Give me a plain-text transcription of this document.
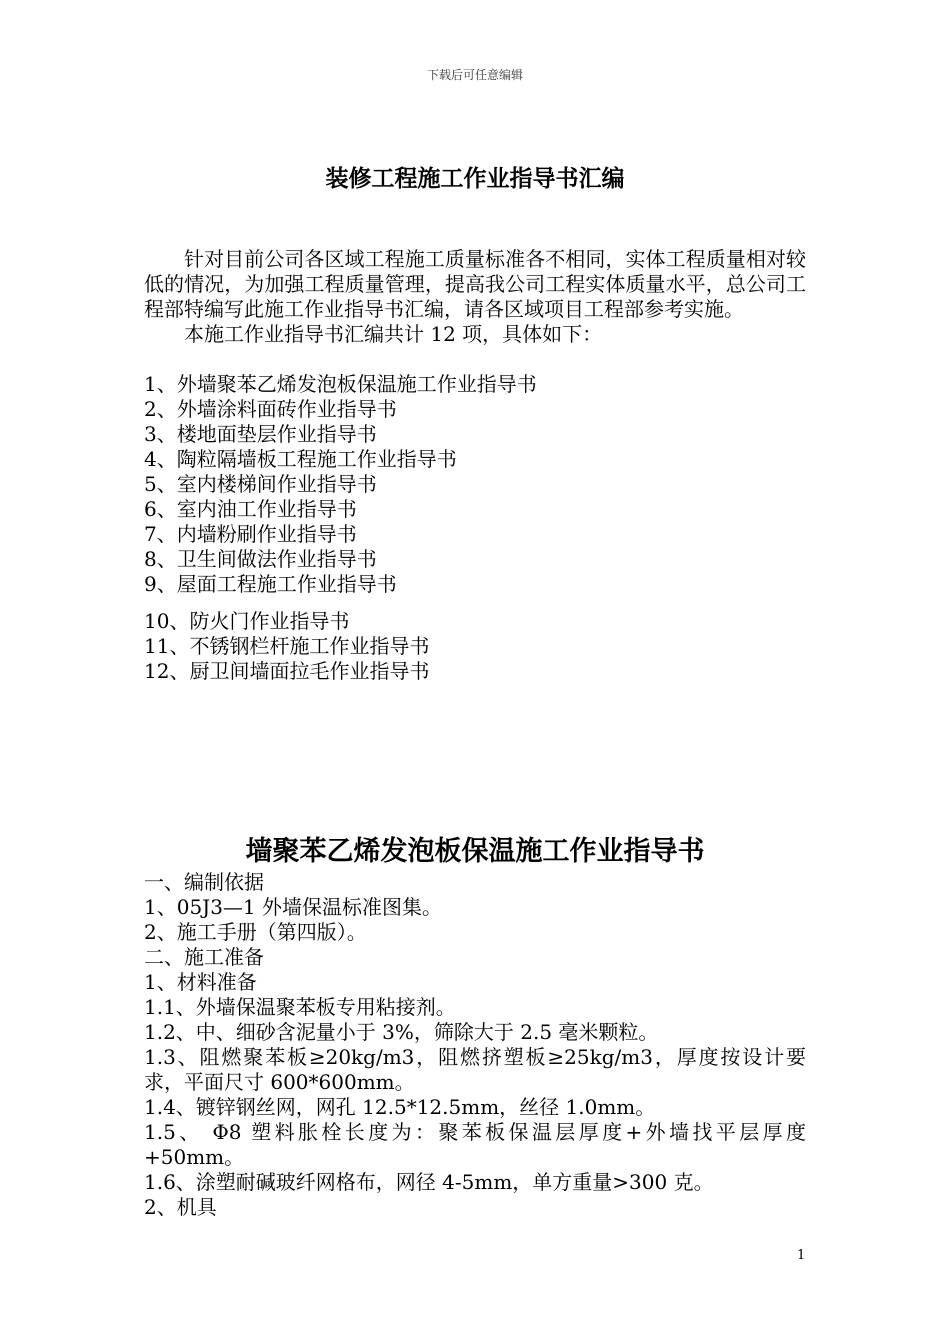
下载后可任意编辑
装修工程施工作业指导书汇编

针对目前公司各区域工程施工质量标准各不相同，实体工程质量相对较低的情况，为加强工程质量管理，提高我公司工程实体质量水平，总公司工程部特编写此施工作业指导书汇编，请各区域项目工程部参考实施。

本施工作业指导书汇编共计 12 项，具体如下：

1、外墙聚苯乙烯发泡板保温施工作业指导书
2、外墙涂料面砖作业指导书
3、楼地面垫层作业指导书
4、陶粒隔墙板工程施工作业指导书
5、室内楼梯间作业指导书
6、室内油工作业指导书
7、内墙粉刷作业指导书
8、卫生间做法作业指导书
9、屋面工程施工作业指导书
10、防火门作业指导书
11、不锈钢栏杆施工作业指导书
12、厨卫间墙面拉毛作业指导书
墙聚苯乙烯发泡板保温施工作业指导书

一、编制依据

1、05J3—1 外墙保温标准图集。

2、施工手册（第四版）。

二、施工准备

1、材料准备

1.1、外墙保温聚苯板专用粘接剂。

1.2、中、细砂含泥量小于 3%，筛除大于 2.5 毫米颗粒。

1.3、阻燃聚苯板≥20kg/m3，阻燃挤塑板≥25kg/m3，厚度按设计要求，平面尺寸 600*600mm。

1.4、镀锌钢丝网，网孔 12.5*12.5mm，丝径 1.0mm。

1.5、 Φ8 塑料胀栓长度为：聚苯板保温层厚度+外墙找平层厚度+50mm。

1.6、涂塑耐碱玻纤网格布，网径 4-5mm，单方重量>300 克。

2、机具

1
